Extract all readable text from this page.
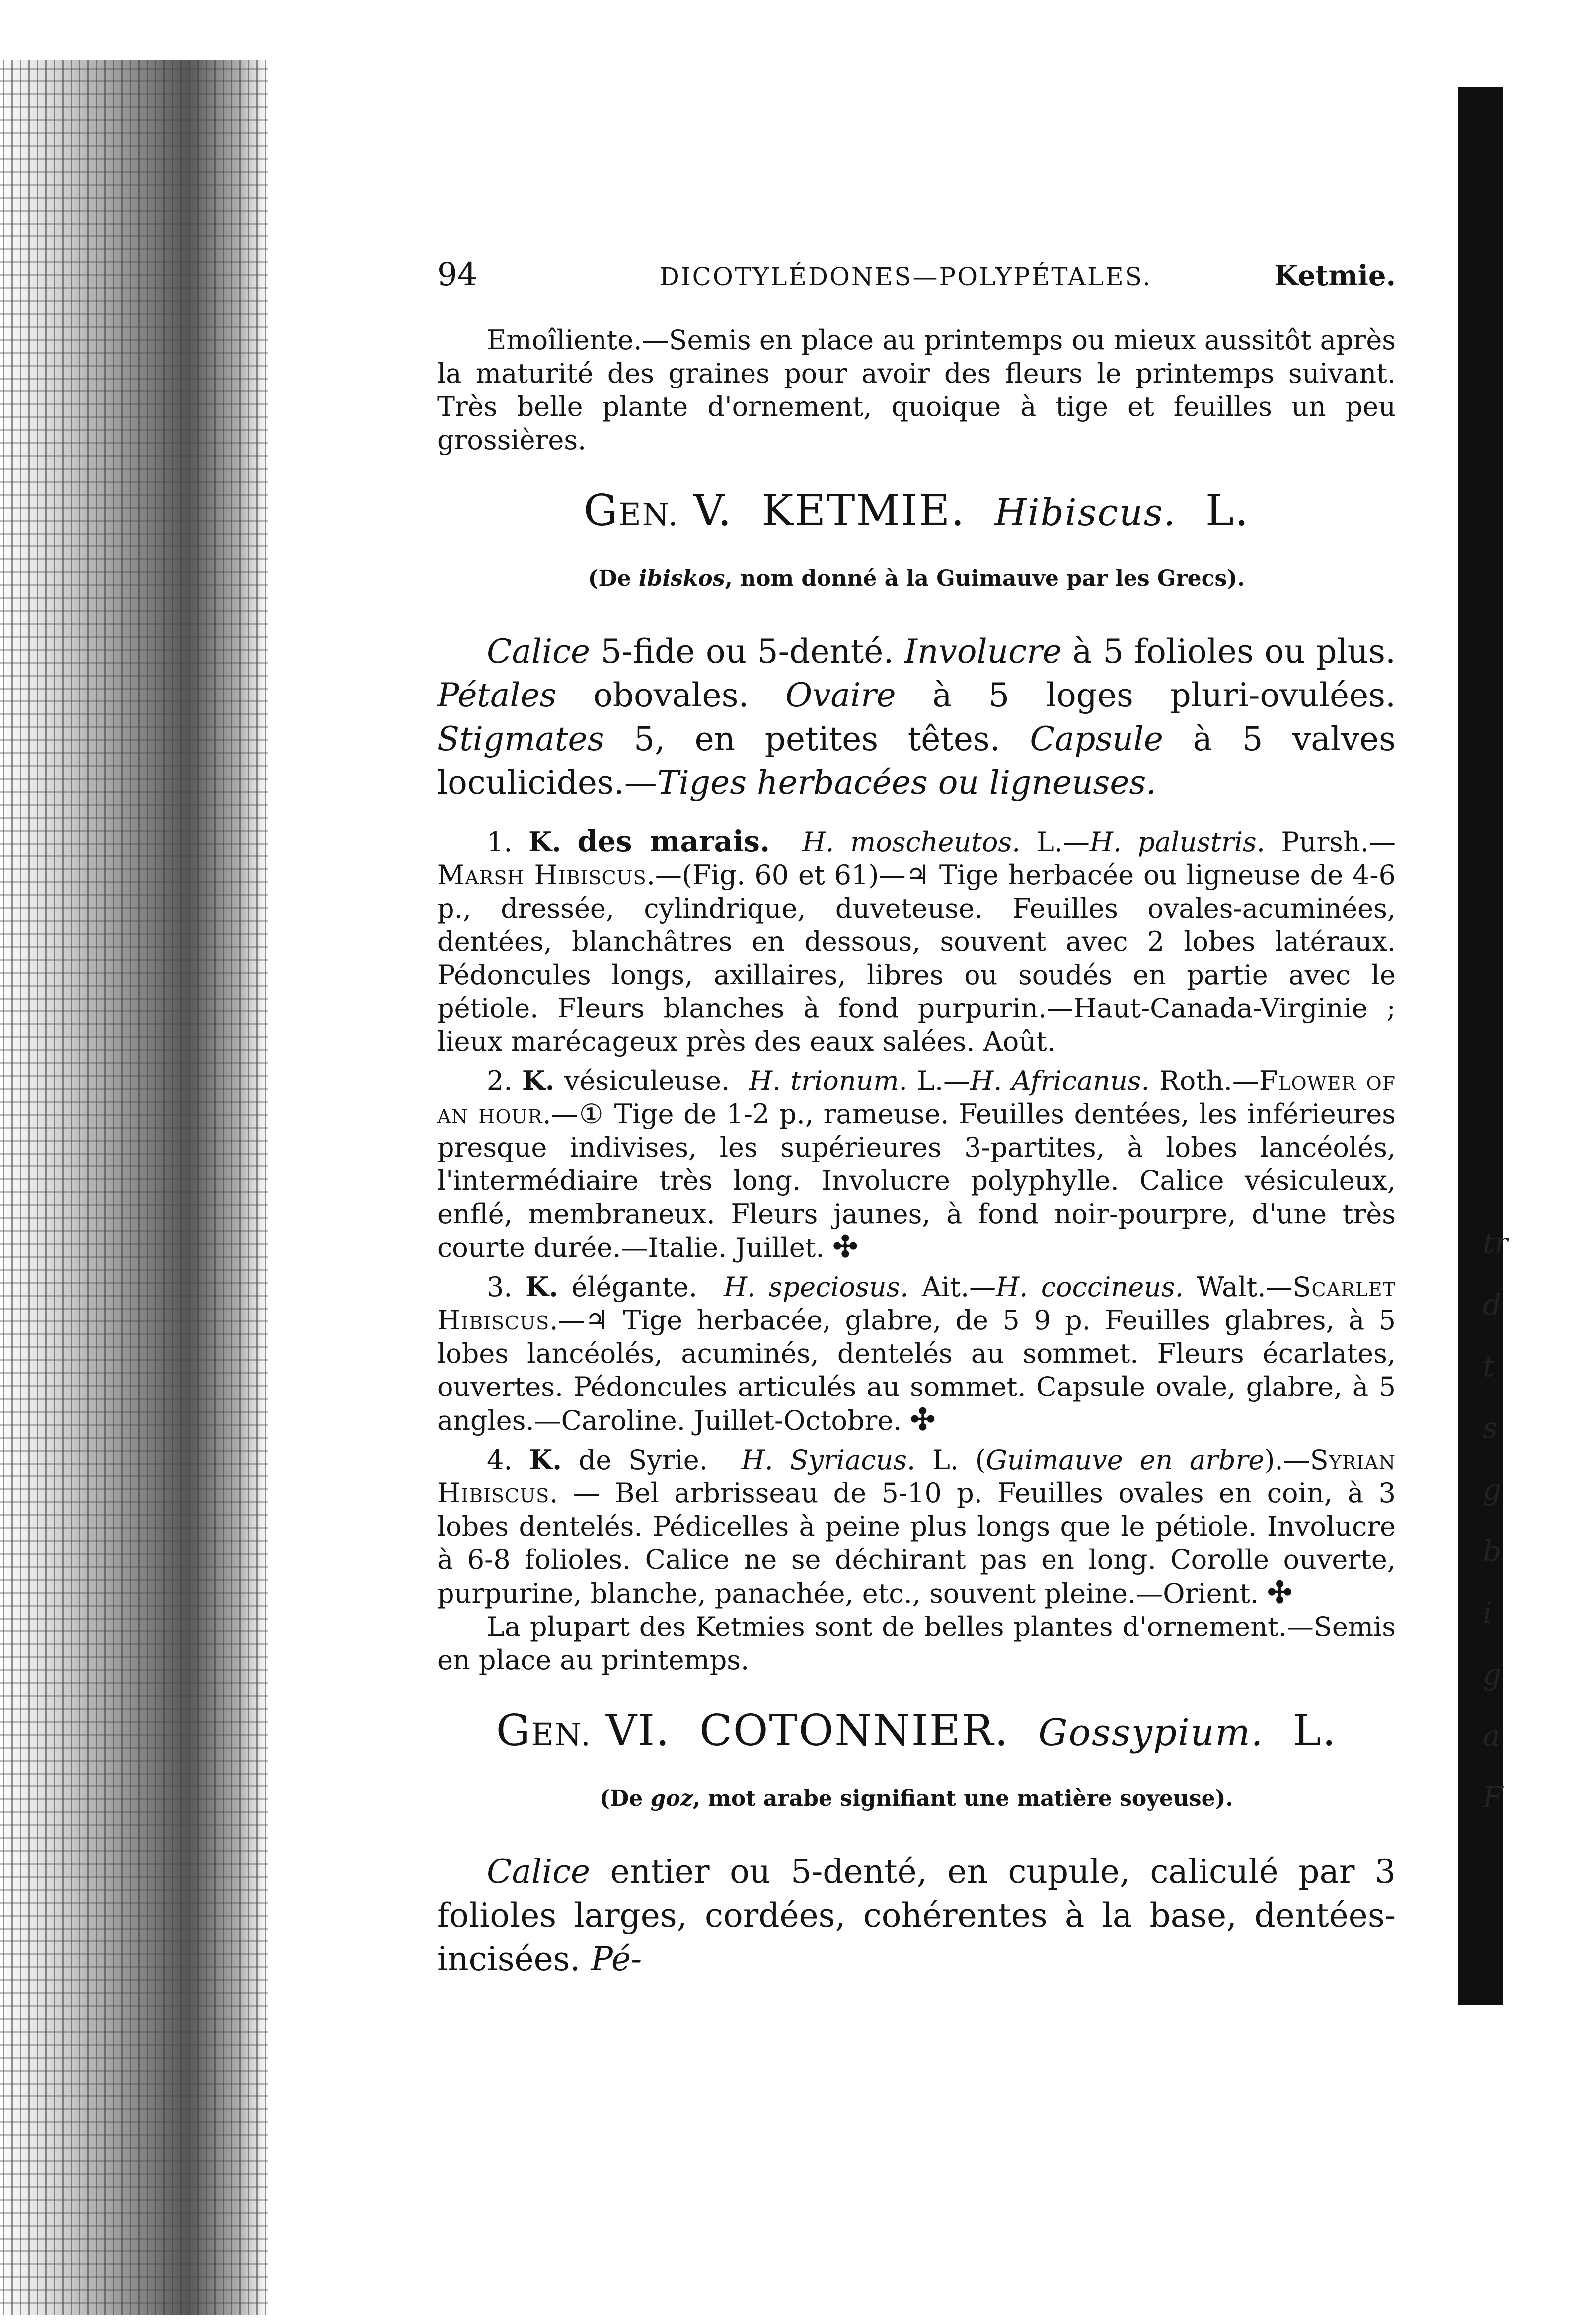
tr
d
t
s
g
b
i
g
a
F
94	DICOTYLÉDONES—POLYPÉTALES.	Ketmie.

Emoîliente.—Semis en place au printemps ou mieux aussitôt après la maturité des graines pour avoir des fleurs le printemps suivant. Très belle plante d'ornement, quoique à tige et feuilles un peu grossières.

GEN. V. KETMIE. Hibiscus. L.
(De ibiskos, nom donné à la Guimauve par les Grecs).

Calice 5-fide ou 5-denté. Involucre à 5 folioles ou plus. Pétales obovales. Ovaire à 5 loges pluri-ovulées. Stigmates 5, en petites têtes. Capsule à 5 valves loculicides.—Tiges herbacées ou ligneuses.

1. K. des marais. H. moscheutos. L.—H. palustris. Pursh.—Marsh Hibiscus.—(Fig. 60 et 61)—♃ Tige herbacée ou ligneuse de 4-6 p., dressée, cylindrique, duveteuse. Feuilles ovales-acuminées, dentées, blanchâtres en dessous, souvent avec 2 lobes latéraux. Pédoncules longs, axillaires, libres ou soudés en partie avec le pétiole. Fleurs blanches à fond purpurin.—Haut-Canada-Virginie ; lieux marécageux près des eaux salées. Août.

2. K. vésiculeuse. H. trionum. L.—H. Africanus. Roth.—Flower of an hour.—① Tige de 1-2 p., rameuse. Feuilles dentées, les inférieures presque indivises, les supérieures 3-partites, à lobes lancéolés, l'intermédiaire très long. Involucre polyphylle. Calice vésiculeux, enflé, membraneux. Fleurs jaunes, à fond noir-pourpre, d'une très courte durée.—Italie. Juillet. ✣

3. K. élégante. H. speciosus. Ait.—H. coccineus. Walt.—Scarlet Hibiscus.—♃ Tige herbacée, glabre, de 5 9 p. Feuilles glabres, à 5 lobes lancéolés, acuminés, dentelés au sommet. Fleurs écarlates, ouvertes. Pédoncules articulés au sommet. Capsule ovale, glabre, à 5 angles.—Caroline. Juillet-Octobre. ✣

4. K. de Syrie. H. Syriacus. L. (Guimauve en arbre).—Syrian Hibiscus. — Bel arbrisseau de 5-10 p. Feuilles ovales en coin, à 3 lobes dentelés. Pédicelles à peine plus longs que le pétiole. Involucre à 6-8 folioles. Calice ne se déchirant pas en long. Corolle ouverte, purpurine, blanche, panachée, etc., souvent pleine.—Orient. ✣

La plupart des Ketmies sont de belles plantes d'ornement.—Semis en place au printemps.

GEN. VI. COTONNIER. Gossypium. L.
(De goz, mot arabe signifiant une matière soyeuse).

Calice entier ou 5-denté, en cupule, caliculé par 3 folioles larges, cordées, cohérentes à la base, dentées-incisées. Pé-
